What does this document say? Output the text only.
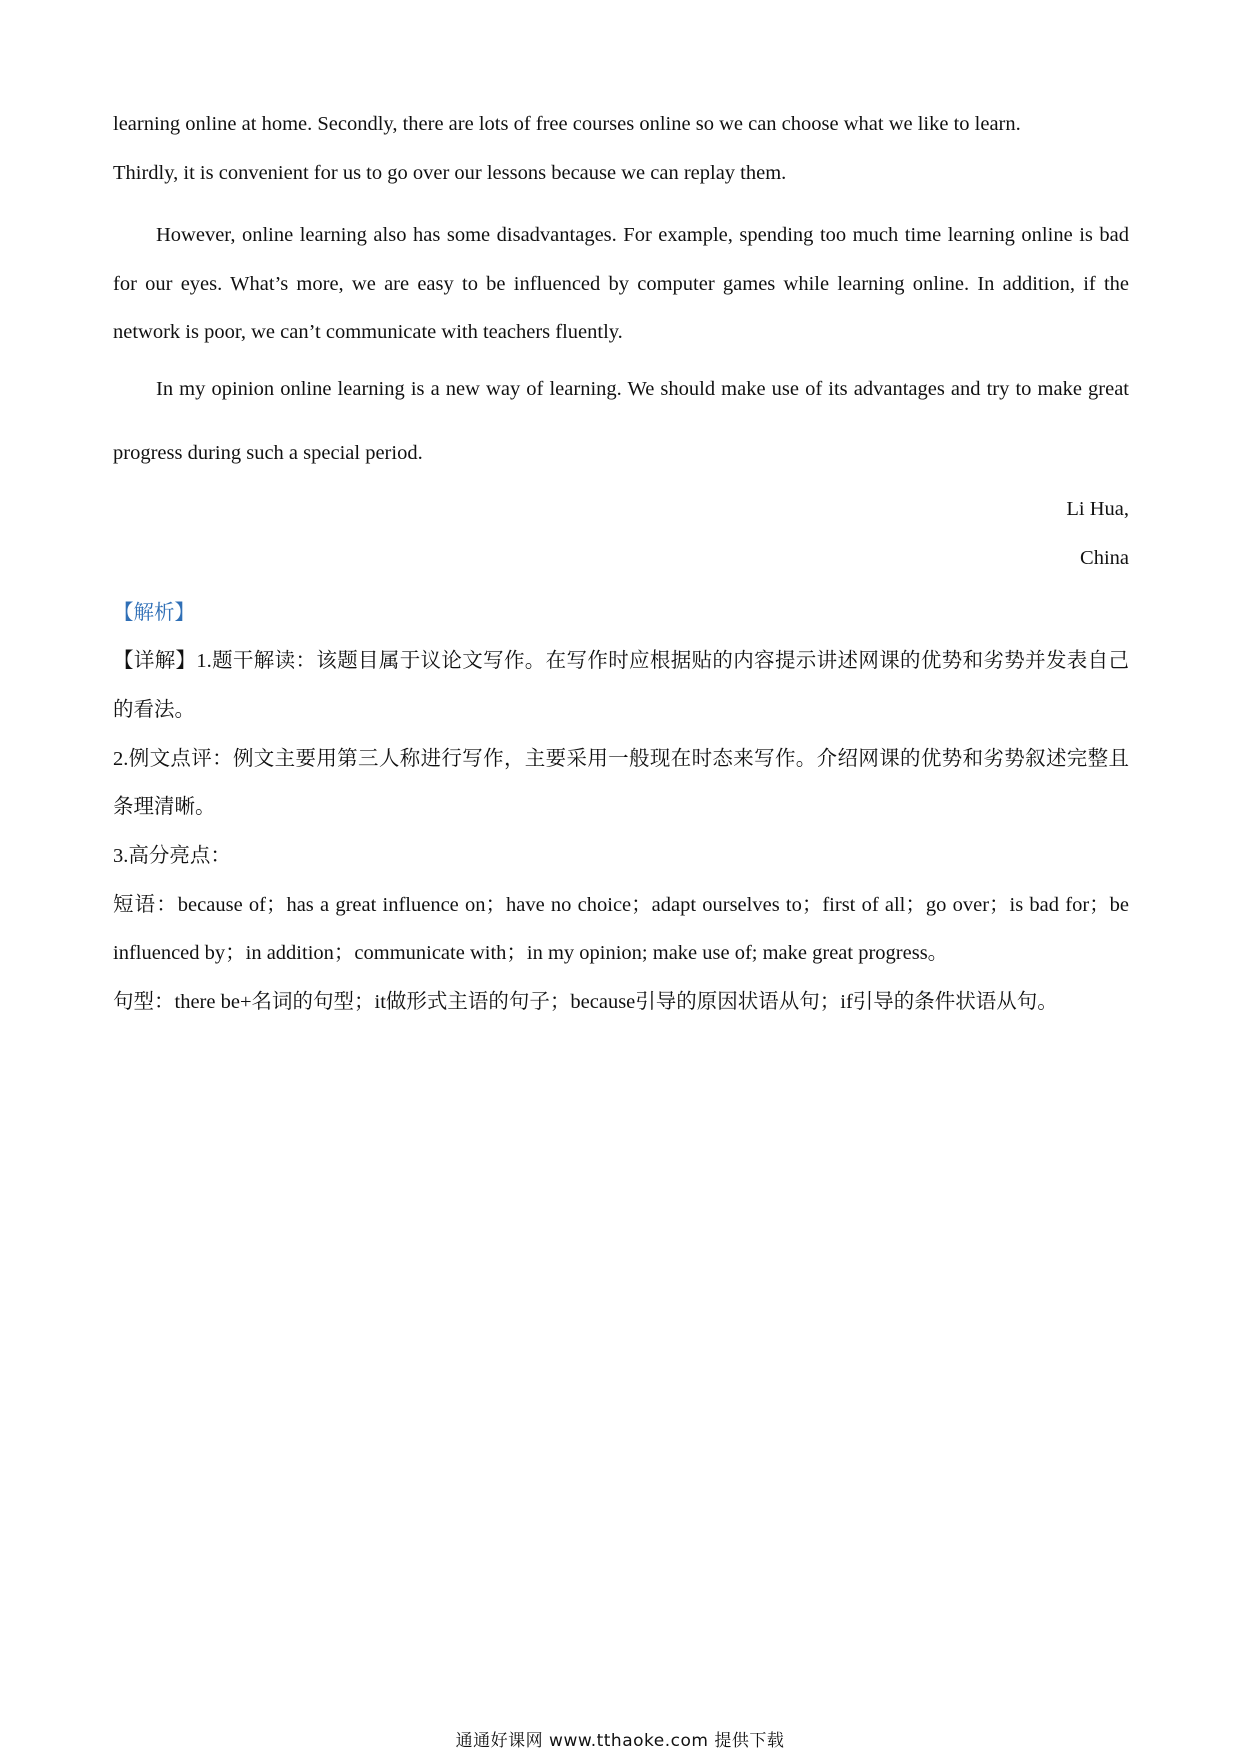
learning online at home. Secondly, there are lots of free courses online so we can choose what we like to learn.

Thirdly, it is convenient for us to go over our lessons because we can replay them.

However, online learning also has some disadvantages. For example, spending too much time learning online is bad for our eyes. What’s more, we are easy to be influenced by computer games while learning online. In addition, if the network is poor, we can’t communicate with teachers fluently.

In my opinion online learning is a new way of learning. We should make use of its advantages and try to make great progress during such a special period.

Li Hua,
China
【解析】
【详解】1.题干解读：该题目属于议论文写作。在写作时应根据贴的内容提示讲述网课的优势和劣势并发表自己的看法。
2.例文点评：例文主要用第三人称进行写作，主要采用一般现在时态来写作。介绍网课的优势和劣势叙述完整且条理清晰。
3.高分亮点：
短语：because of；has a great influence on；have no choice；adapt ourselves to；first of all；go over；is bad for；be influenced by；in addition；communicate with；in my opinion; make use of; make great progress。
句型：there be+名词的句型；it做形式主语的句子；because引导的原因状语从句；if引导的条件状语从句。
通通好课网 www.tthaoke.com 提供下载
